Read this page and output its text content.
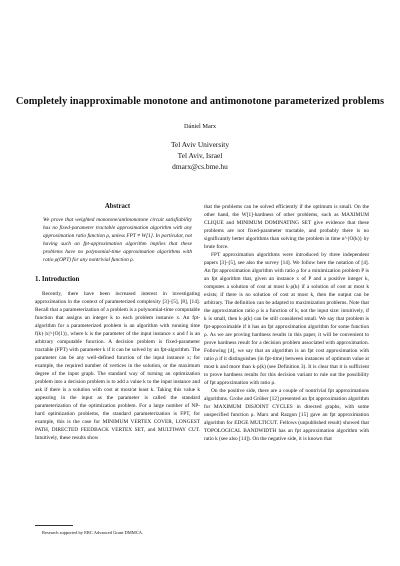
Completely inapproximable monotone and antimonotone parameterized problems
Dániel Marx
Tel Aviv University
Tel Aviv, Israel
dmarx@cs.bme.hu
Abstract
We prove that weighted monotone/antimonotone circuit satisfiability has no fixed-parameter tractable approximation algorithm with any approximation ratio function ρ, unless FPT ≠ W[1]. In particular, not having such an fpt-approximation algorithm implies that these problems have no polynomial-time approximation algorithms with ratio ρ(OPT) for any nontrivial function ρ.
1. Introduction
Recently, there have been increased interest in investigating approximation in the context of parameterized complexity [3]–[5], [8], [14]. Recall that a parameterization of a problem is a polynomial-time computable function that assigns an integer k to each problem instance x. An fpt-algorithm for a parameterized problem is an algorithm with running time f(k)·|x|^{O(1)}, where k is the parameter of the input instance x and f is an arbitrary computable function. A decision problem is fixed-parameter tractable (FPT) with parameter k if it can be solved by an fpt-algorithm. The parameter can be any well-defined function of the input instance x; for example, the required number of vertices in the solution, or the maximum degree of the input graph. The standard way of turning an optimization problem into a decision problem is to add a value k to the input instance and ask if there is a solution with cost at most/at least k. Taking this value k appearing in the input as the parameter is called the standard parameterization of the optimization problem. For a large number of NP-hard optimization problems, the standard parameterization is FPT, for example, this is the case for MINIMUM VERTEX COVER, LONGEST PATH, DIRECTED FEEDBACK VERTEX SET, and MULTIWAY CUT. Intuitively, these results show
that the problems can be solved efficiently if the optimum is small. On the other hand, the W[1]-hardness of other problems, such as MAXIMUM CLIQUE and MINIMUM DOMINATING SET give evidence that these problems are not fixed-parameter tractable, and probably there is no significantly better algorithms than solving the problem in time n^{O(k)} by brute force.
FPT approximation algorithms were introduced by three independent papers [3]–[5], see also the survey [14]. We follow here the notation of [4]. An fpt approximation algorithm with ratio ρ for a minimization problem P is an fpt algorithm that, given an instance x of P and a positive integer k, computes a solution of cost at most k·ρ(k) if a solution of cost at most k exists; if there is no solution of cost at most k, then the output can be arbitrary. The definition can be adapted to maximization problems. Note that the approximation ratio ρ is a function of k, not the input size: intuitively, if k is small, then k·ρ(k) can be still considered small. We say that problem is fpt-approximable if it has an fpt approximation algorithm for some function ρ. As we are proving hardness results in this paper, it will be convenient to prove hardness result for a decision problem associated with approximation. Following [4], we say that an algorithm is an fpt cost approximation with ratio ρ if it distinguishes (in fpt-time) between instances of optimum value at most k and more than k·ρ(k) (see Definition 3). It is clear that it is sufficient to prove hardness results for this decision variant to rule out the possibility of fpt approximation with ratio ρ.
On the positive side, there are a couple of nontrivial fpt approximations algorithms. Grohe and Grüber [12] presented an fpt approximation algorithm for MAXIMUM DISJOINT CYCLES in directed graphs, with some unspecified function ρ. Marx and Razgon [15] gave an fpt approximation algorithm for EDGE MULTICUT. Fellows (unpublished result) showed that TOPOLOGICAL BANDWIDTH has an fpt approximation algorithm with ratio k (see also [14]). On the negative side, it is known that
Research supported by ERC Advanced Grant DMMCA.
